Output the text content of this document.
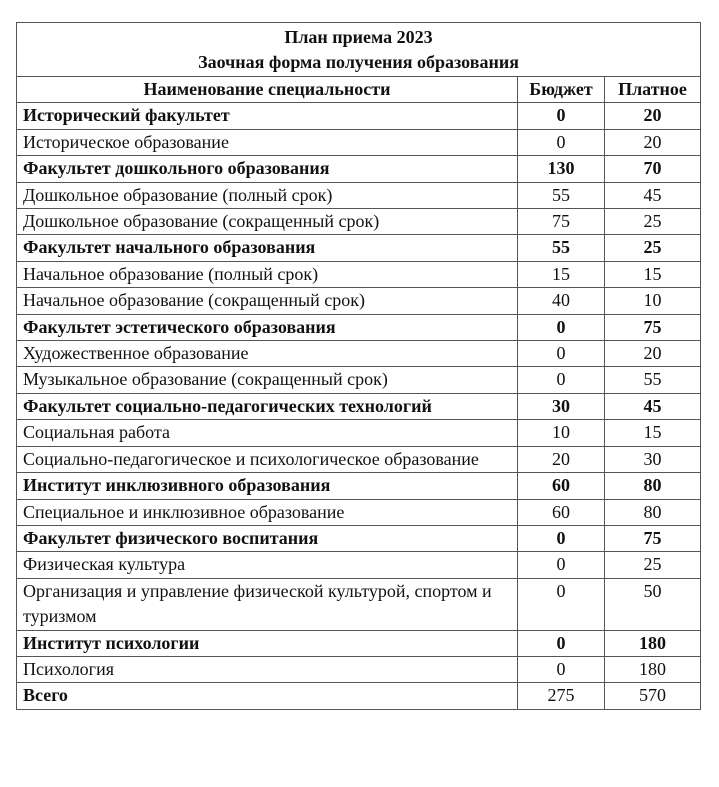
План приема 2023
Заочная форма получения образования		

Наименование специальности	Бюджет	Платное
Исторический факультет	0	20
Историческое образование	0	20
Факультет дошкольного образования	130	70
Дошкольное образование (полный срок)	55	45
Дошкольное образование (сокращенный срок)	75	25
Факультет начального образования	55	25
Начальное образование (полный срок)	15	15
Начальное образование (сокращенный срок)	40	10
Факультет эстетического образования	0	75
Художественное образование	0	20
Музыкальное образование (сокращенный срок)	0	55
Факультет социально-педагогических технологий	30	45
Социальная работа	10	15
Социально-педагогическое и психологическое образование	20	30
Институт инклюзивного образования	60	80
Специальное и инклюзивное образование	60	80
Факультет физического воспитания	0	75
Физическая культура	0	25
Организация и управление физической культурой, спортом и туризмом	0	50
Институт психологии	0	180
Психология	0	180
Всего	275	570
